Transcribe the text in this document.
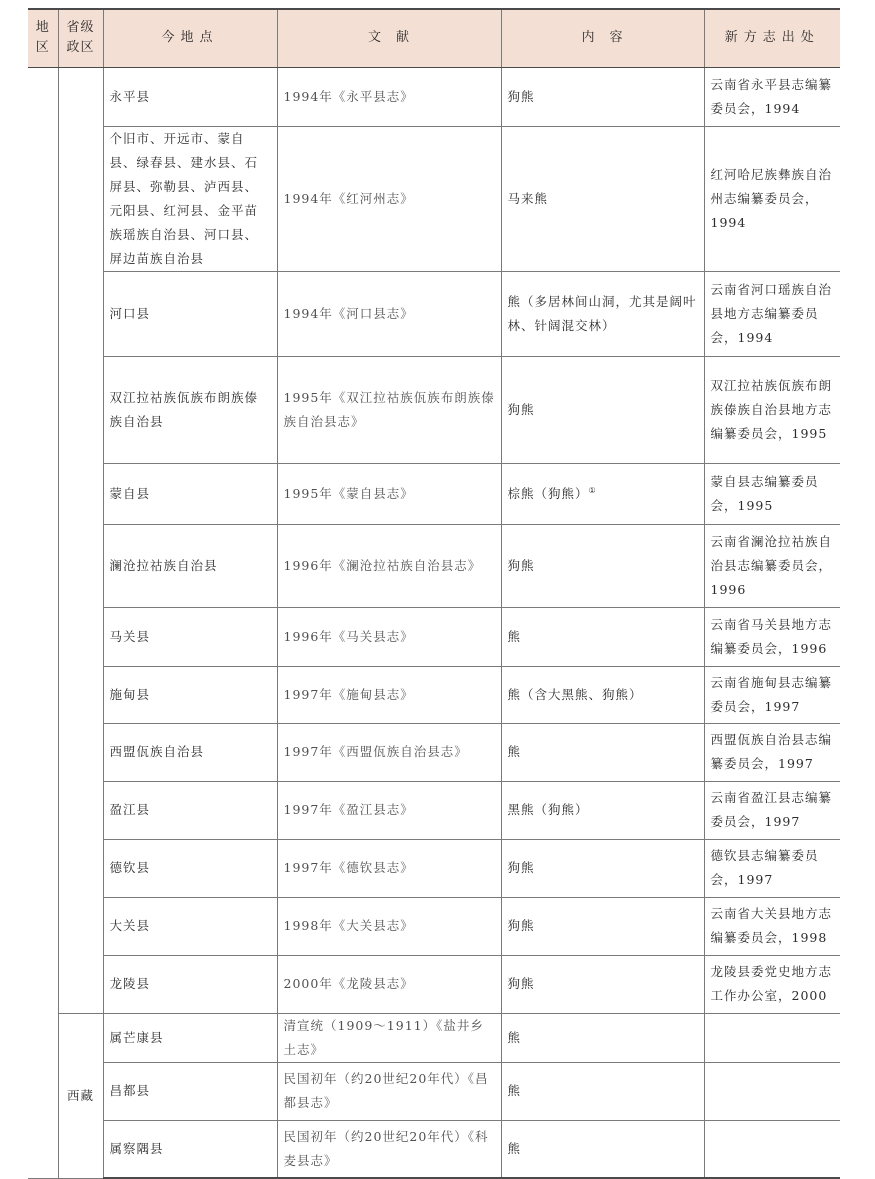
地区	省级政区	今地点	文　献	内　容	新方志出处
		永平县	1994年《永平县志》	狗熊	云南省永平县志编纂委员会，1994
		个旧市、开远市、蒙自县、绿春县、建水县、石屏县、弥勒县、泸西县、元阳县、红河县、金平苗族瑶族自治县、河口县、屏边苗族自治县	1994年《红河州志》	马来熊	红河哈尼族彝族自治州志编纂委员会，1994
		河口县	1994年《河口县志》	熊（多居林间山洞，尤其是阔叶林、针阔混交林）	云南省河口瑶族自治县地方志编纂委员会，1994
		双江拉祜族佤族布朗族傣族自治县	1995年《双江拉祜族佤族布朗族傣族自治县志》	狗熊	双江拉祜族佤族布朗族傣族自治县地方志编纂委员会，1995
		蒙自县	1995年《蒙自县志》	棕熊（狗熊）①	蒙自县志编纂委员会，1995
		澜沧拉祜族自治县	1996年《澜沧拉祜族自治县志》	狗熊	云南省澜沧拉祜族自治县志编纂委员会，1996
		马关县	1996年《马关县志》	熊	云南省马关县地方志编纂委员会，1996
		施甸县	1997年《施甸县志》	熊（含大黑熊、狗熊）	云南省施甸县志编纂委员会，1997
		西盟佤族自治县	1997年《西盟佤族自治县志》	熊	西盟佤族自治县志编纂委员会，1997
		盈江县	1997年《盈江县志》	黑熊（狗熊）	云南省盈江县志编纂委员会，1997
		德钦县	1997年《德钦县志》	狗熊	德钦县志编纂委员会，1997
		大关县	1998年《大关县志》	狗熊	云南省大关县地方志编纂委员会，1998
		龙陵县	2000年《龙陵县志》	狗熊	龙陵县委党史地方志工作办公室，2000
	西藏	属芒康县	清宣统（1909～1911）《盐井乡土志》	熊	
		昌都县	民国初年（约20世纪20年代）《昌都县志》	熊	
		属察隅县	民国初年（约20世纪20年代）《科麦县志》	熊	
